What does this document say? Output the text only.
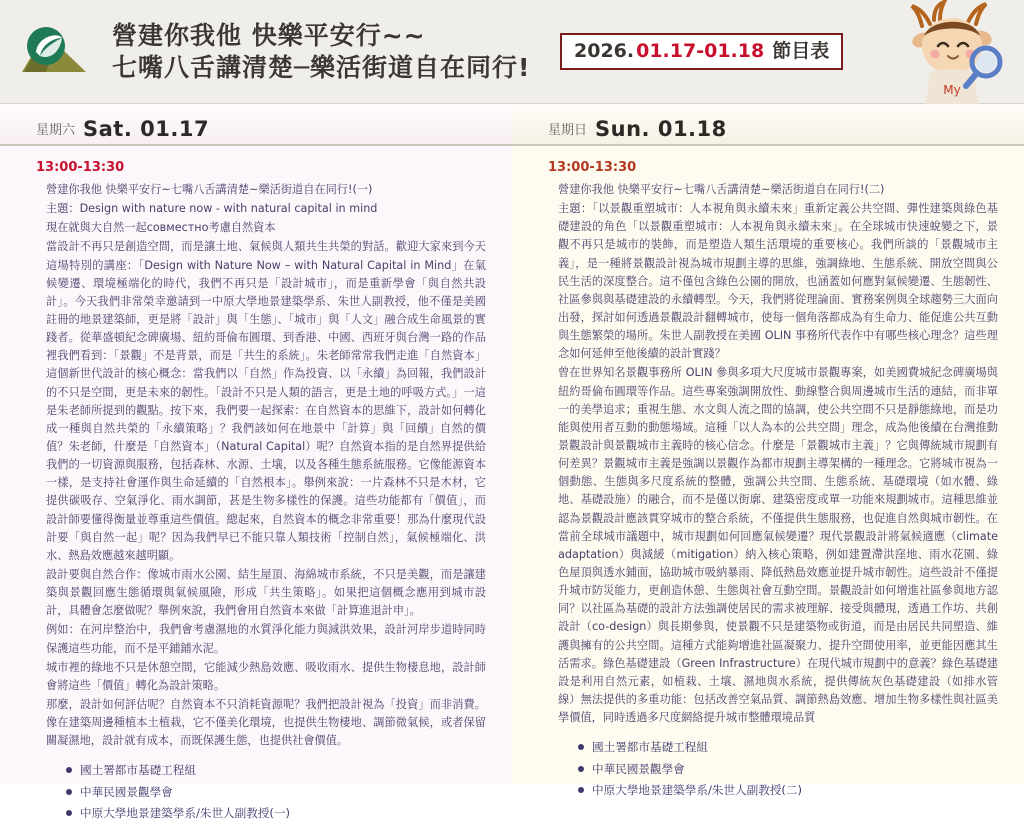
營建你我他 快樂平安行~~
七嘴八舌講清楚─樂活街道自在同行!
2026. 01.17-01.18 節目表
My
星期六 Sat. 01.17
13:00-13:30

營建你我他 快樂平安行~七嘴八舌講清楚~樂活街道自在同行!(一)

主題：Design with nature now - with natural capital in mind

現在就與大自然一起совместно考慮自然資本

當設計不再只是創造空間，而是讓土地、氣候與人類共生共榮的對話。歡迎大家來到今天這場特別的講座：「Design with Nature Now – with Natural Capital in Mind」在氣候變遷、環境極端化的時代，我們不再只是「設計城市」，而是重新學會「與自然共設計」。今天我們非常榮幸邀請到一中原大學地景建築學系、朱世人副教授，他不僅是美國註冊的地景建築師，更是將「設計」與「生態」、「城市」與「人文」融合成生命風景的實踐者。從華盛頓紀念碑廣場、紐約哥倫布圓環、到香港、中國、西班牙與台灣一路的作品裡我們看到：「景觀」不是背景，而是「共生的系統」。朱老師常常我們走進「自然資本」這個新世代設計的核心概念：當我們以「自然」作為投資、以「永續」為回報，我們設計的不只是空間，更是未來的韌性。「設計不只是人類的語言，更是土地的呼吸方式。」一這是朱老師所提到的觀點。按下來，我們要一起探索：在自然資本的思維下，設計如何轉化成一種與自然共榮的「永續策略」？我們該如何在地景中「計算」與「回饋」自然的價值？朱老師，什麼是「自然資本」（Natural Capital）呢？自然資本指的是自然界提供給我們的一切資源與服務，包括森林、水源、土壤，以及各種生態系統服務。它像能源資本一樣，是支持社會運作與生命延續的「自然根本」。舉例來說：一片森林不只是木材，它提供碳吸存、空氣淨化、雨水調節，甚是生物多樣性的保護。這些功能都有「價值」，而設計師要懂得衡量並尊重這些價值。總起來，自然資本的概念非常重要！那為什麼現代設計要「與自然一起」呢？因為我們早已不能只靠人類技術「控制自然」，氣候極端化、洪水、熱島效應越來越明顯。

設計要與自然合作：像城市雨水公園、結生屋頂、海綿城市系統，不只是美觀，而是讓建築與景觀回應生態循環與氣候風險，形成「共生策略」。如果把這個概念應用到城市設計，具體會怎麼做呢？舉例來說，我們會用自然資本來做「計算進退計申」。

例如：在河岸整治中，我們會考慮濕地的水質淨化能力與減洪效果，設計河岸步道時同時保護這些功能，而不是平鋪鋪水泥。

城市裡的綠地不只是休憩空間，它能減少熱島效應、吸收雨水、提供生物棲息地，設計師會將這些「價值」轉化為設計策略。

那麼，設計如何評估呢？自然資本不只消耗資源呢？我們把設計視為「投資」而非消費。像在建築周邊種植本土植栽，它不僅美化環境，也提供生物棲地、調節微氣候，或者保留關凝濕地，設計就有成本，而既保護生態，也提供社會價值。

國土署都市基礎工程組
中華民國景觀學會
中原大學地景建築學系/朱世人副教授(一)
星期日 Sun. 01.18
13:00-13:30

營建你我他 快樂平安行~七嘴八舌講清楚~樂活街道自在同行!(二)

主題：「以景觀重塑城市：人本視角與永續未來」重新定義公共空間、彈性建築與綠色基礎建設的角色「以景觀重塑城市：人本視角與永續未來」。在全球城市快速蛻變之下，景觀不再只是城市的裝飾，而是塑造人類生活環境的重要核心。我們所談的「景觀城市主義」，是一種將景觀設計視為城市規劃主導的思維，強調綠地、生態系統、開放空間與公民生活的深度整合。這不僅包含綠色公園的開放，也涵蓋如何應對氣候變遷、生態韌性、社區參與與基礎建設的永續轉型。今天，我們將從理論面、實務案例與全球趨勢三大面向出發，探討如何透過景觀設計翻轉城市，使每一個角落都成為有生命力、能促進公共互動與生態繁榮的場所。朱世人副教授在美國 OLIN 事務所代表作中有哪些核心理念？這些理念如何延伸至他後續的設計實踐？

曾在世界知名景觀事務所 OLIN 參與多項大尺度城市景觀專案，如美國費城紀念碑廣場與紐約哥倫布圓環等作品。這些專案強調開放性、動線整合與周邊城市生活的連結，而非單一的美學追求；重視生態、水文與人流之間的協調，使公共空間不只是靜態綠地，而是功能與使用者互動的動態場域。這種「以人為本的公共空間」理念，成為他後續在台灣推動景觀設計與景觀城市主義時的核心信念。什麼是「景觀城市主義」？它與傳統城市規劃有何差異？景觀城市主義是強調以景觀作為都市規劃主導架構的一種理念。它將城市視為一個動態、生態與多尺度系統的整體，強調公共空間、生態系統、基礎環境（如水體、綠地、基礎設施）的融合，而不是僅以街廓、建築密度或單一功能來規劃城市。這種思維並認為景觀設計應該貫穿城市的整合系統，不僅提供生態服務，也促進自然與城市韌性。在當前全球城市議題中，城市規劃如何回應氣候變遷？現代景觀設計將氣候適應（climate adaptation）與減緩（mitigation）納入核心策略，例如建置滯洪窪地、雨水花園、綠色屋頂與透水鋪面，協助城市吸納暴雨、降低熱島效應並提升城市韌性。這些設計不僅提升城市防災能力，更創造休憩、生態與社會互動空間。景觀設計如何增進社區參與地方認同？以社區為基礎的設計方法強調使居民的需求被理解、接受與體現，透過工作坊、共創設計（co-design）與長期參與，使景觀不只是建築物或街道，而是由居民共同塑造、維護與擁有的公共空間。這種方式能夠增進社區凝聚力、提升空間使用率，並更能因應其生活需求。綠色基礎建設（Green Infrastructure）在現代城市規劃中的意義？綠色基礎建設是利用自然元素，如植栽、土壤、濕地與水系統，提供傳統灰色基礎建設（如排水管線）無法提供的多重功能：包括改善空氣品質、調節熱島效應、增加生物多樣性與社區美學價值，同時透過多尺度網絡提升城市整體環境品質

國土署都市基礎工程組
中華民國景觀學會
中原大學地景建築學系/朱世人副教授(二)
